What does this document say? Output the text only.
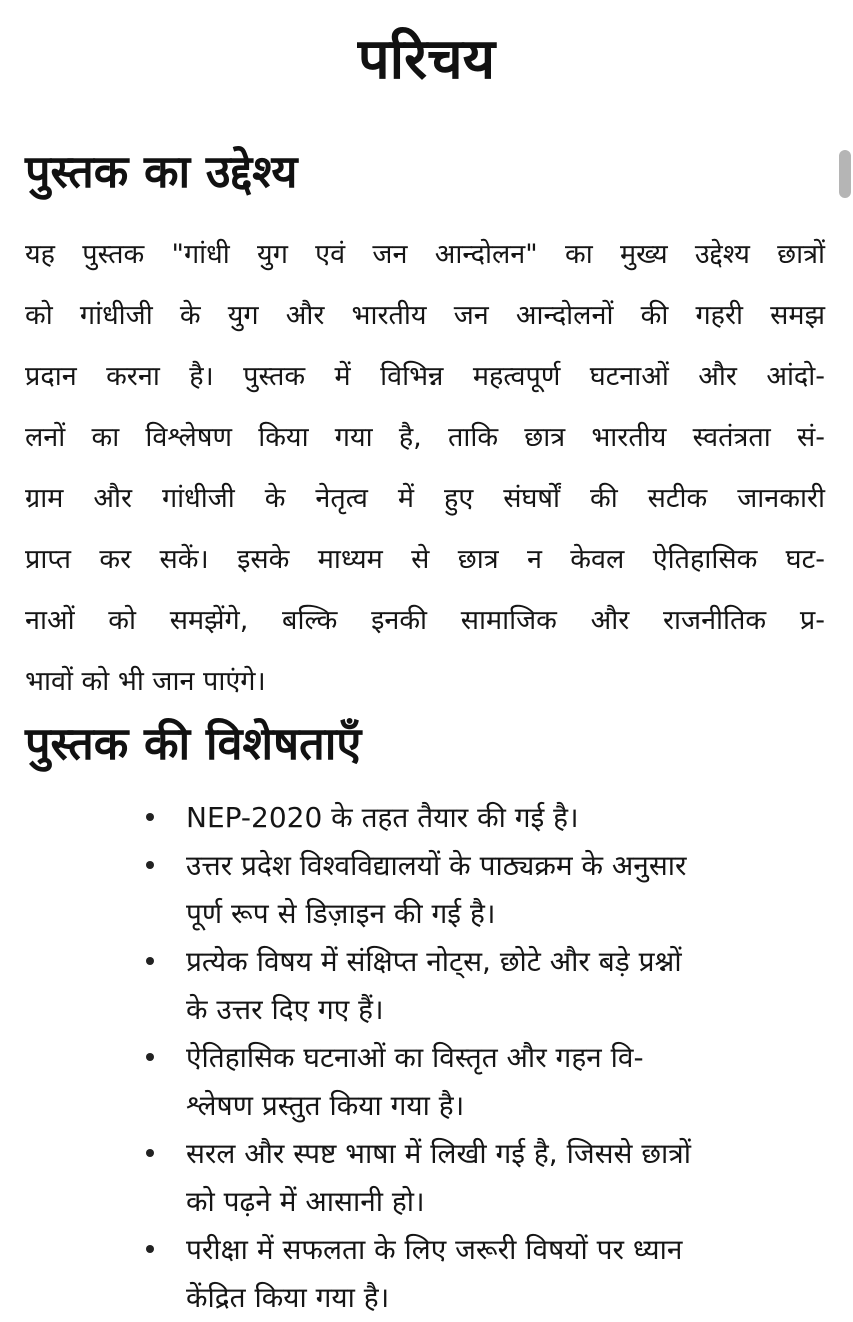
परिचय
पुस्तक का उद्देश्य
यह पुस्तक "गांधी युग एवं जन आन्दोलन" का मुख्य उद्देश्य छात्रों
को गांधीजी के युग और भारतीय जन आन्दोलनों की गहरी समझ
प्रदान करना है। पुस्तक में विभिन्न महत्वपूर्ण घटनाओं और आंदो-
लनों का विश्लेषण किया गया है, ताकि छात्र भारतीय स्वतंत्रता सं-
ग्राम और गांधीजी के नेतृत्व में हुए संघर्षों की सटीक जानकारी
प्राप्त कर सकें। इसके माध्यम से छात्र न केवल ऐतिहासिक घट-
नाओं को समझेंगे, बल्कि इनकी सामाजिक और राजनीतिक प्र-
भावों को भी जान पाएंगे।
पुस्तक की विशेषताएँ
NEP-2020 के तहत तैयार की गई है।
उत्तर प्रदेश विश्वविद्यालयों के पाठ्यक्रम के अनुसार
पूर्ण रूप से डिज़ाइन की गई है।
प्रत्येक विषय में संक्षिप्त नोट्स, छोटे और बड़े प्रश्नों
के उत्तर दिए गए हैं।
ऐतिहासिक घटनाओं का विस्तृत और गहन वि-
श्लेषण प्रस्तुत किया गया है।
सरल और स्पष्ट भाषा में लिखी गई है, जिससे छात्रों
को पढ़ने में आसानी हो।
परीक्षा में सफलता के लिए जरूरी विषयों पर ध्यान
केंद्रित किया गया है।
